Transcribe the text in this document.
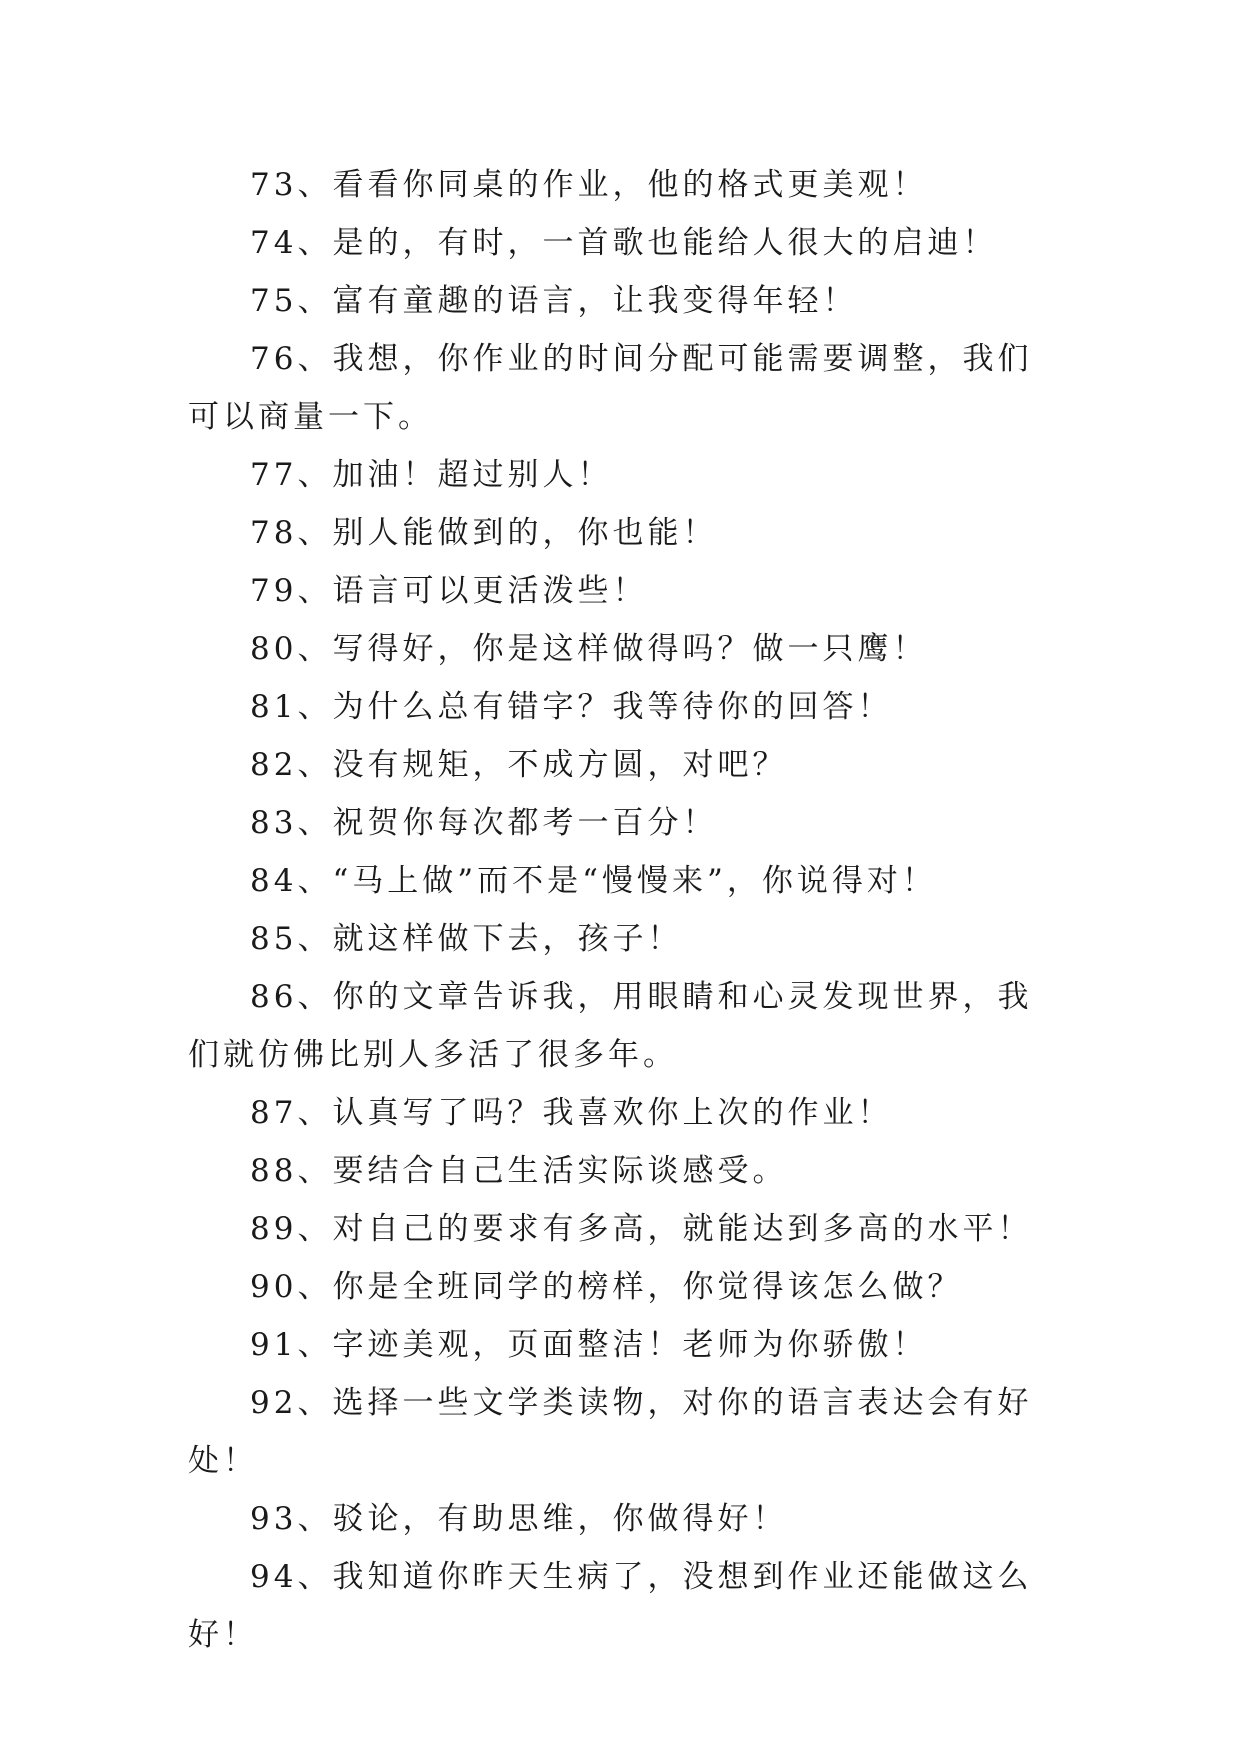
73、看看你同桌的作业，他的格式更美观！

74、是的，有时，一首歌也能给人很大的启迪！

75、富有童趣的语言，让我变得年轻！

76、我想，你作业的时间分配可能需要调整，我们可以商量一下。

77、加油！超过别人！

78、别人能做到的，你也能！

79、语言可以更活泼些！

80、写得好，你是这样做得吗？做一只鹰！

81、为什么总有错字？我等待你的回答！

82、没有规矩，不成方圆，对吧？

83、祝贺你每次都考一百分！

84、“马上做”而不是“慢慢来”，你说得对！

85、就这样做下去，孩子！

86、你的文章告诉我，用眼睛和心灵发现世界，我们就仿佛比别人多活了很多年。

87、认真写了吗？我喜欢你上次的作业！

88、要结合自己生活实际谈感受。

89、对自己的要求有多高，就能达到多高的水平！

90、你是全班同学的榜样，你觉得该怎么做？

91、字迹美观，页面整洁！老师为你骄傲！

92、选择一些文学类读物，对你的语言表达会有好处！

93、驳论，有助思维，你做得好！

94、我知道你昨天生病了，没想到作业还能做这么好！
